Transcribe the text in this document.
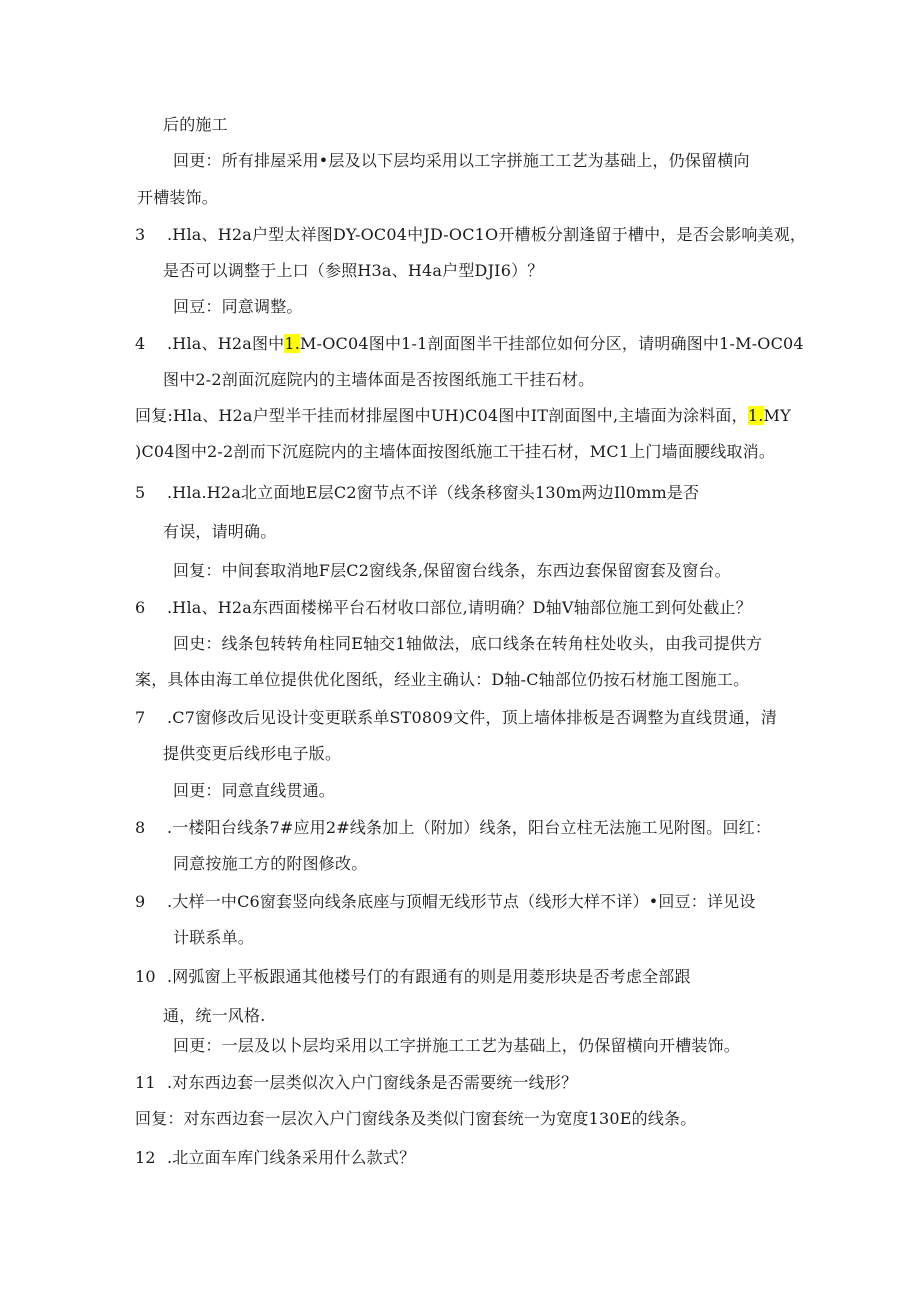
后的施工

回更：所有排屋采用•层及以下层均采用以工字拼施工工艺为基础上，仍保留横向

开槽装饰。

3 .Hla、H2a户型太祥图DY-OC04中JD-OC1O开槽板分割逢留于槽中，是否会影响美观，

是否可以调整于上口（参照H3a、H4a户型DJI6）？

回豆：同意调整。

4 .Hla、H2a图中1.M-OC04图中1-1剖面图半干挂部位如何分区，请明确图中1-M-OC04

图中2-2剖面沉庭院内的主墙体面是否按图纸施工干挂石材。

回复:Hla、H2a户型半干挂而材排屋图中UH)C04图中IT剖面图中,主墙面为涂料面，1.MY

)C04图中2-2剖而下沉庭院内的主墙体面按图纸施工干挂石材，MC1上门墙面腰线取消。

5 .Hla.H2a北立面地E层C2窗节点不详（线条移窗头130m两边Il0mm是否

有误，请明确。

回复：中间套取消地F层C2窗线条,保留窗台线条，东西边套保留窗套及窗台。

6 .Hla、H2a东西面楼梯平台石材收口部位,请明确？D轴V轴部位施工到何处截止？

回史：线条包转转角柱同E轴交1轴做法，底口线条在转角柱处收头，由我司提供方

案，具体由海工单位提供优化图纸，经业主确认：D轴-C轴部位仍按石材施工图施工。

7 .C7窗修改后见设计变更联系单ST0809文件，顶上墙体排板是否调整为直线贯通，清

提供变更后线形电子版。

回更：同意直线贯通。

8 .一楼阳台线条7#应用2#线条加上（附加）线条，阳台立柱无法施工见附图。回红：

同意按施工方的附图修改。

9 .大样一中C6窗套竖向线条底座与顶帽无线形节点（线形大样不详）•回豆：详见设

计联系单。

10 .网弧窗上平板跟通其他楼号仃的有跟通有的则是用菱形块是否考虑全部跟

通，统一风格.

回更：一层及以卜层均采用以工字拼施工工艺为基础上，仍保留横向开槽装饰。

11 .对东西边套一层类似次入户门窗线条是否需要统一线形？

回复：对东西边套一层次入户门窗线条及类似门窗套统一为宽度130E的线条。

12 .北立面车库门线条采用什么款式？
